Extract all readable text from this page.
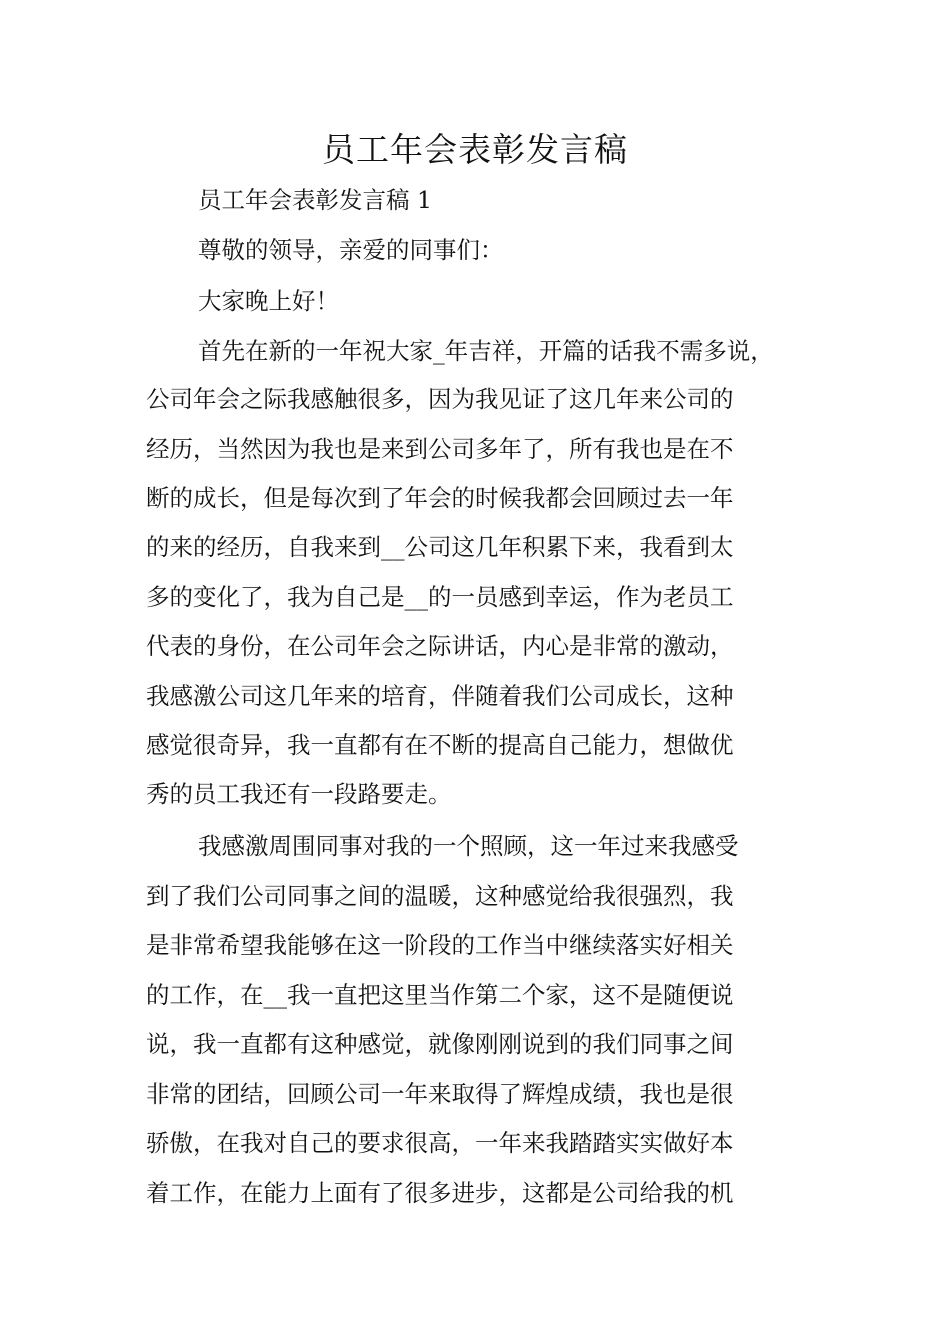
员工年会表彰发言稿

员工年会表彰发言稿 1

尊敬的领导，亲爱的同事们：

大家晚上好！

首先在新的一年祝大家_年吉祥，开篇的话我不需多说，

公司年会之际我感触很多，因为我见证了这几年来公司的

经历，当然因为我也是来到公司多年了，所有我也是在不

断的成长，但是每次到了年会的时候我都会回顾过去一年

的来的经历，自我来到__公司这几年积累下来，我看到太

多的变化了，我为自己是__的一员感到幸运，作为老员工

代表的身份，在公司年会之际讲话，内心是非常的激动，

我感激公司这几年来的培育，伴随着我们公司成长，这种

感觉很奇异，我一直都有在不断的提高自己能力，想做优

秀的员工我还有一段路要走。

我感激周围同事对我的一个照顾，这一年过来我感受

到了我们公司同事之间的温暖，这种感觉给我很强烈，我

是非常希望我能够在这一阶段的工作当中继续落实好相关

的工作，在__我一直把这里当作第二个家，这不是随便说

说，我一直都有这种感觉，就像刚刚说到的我们同事之间

非常的团结，回顾公司一年来取得了辉煌成绩，我也是很

骄傲，在我对自己的要求很高，一年来我踏踏实实做好本

着工作，在能力上面有了很多进步，这都是公司给我的机
